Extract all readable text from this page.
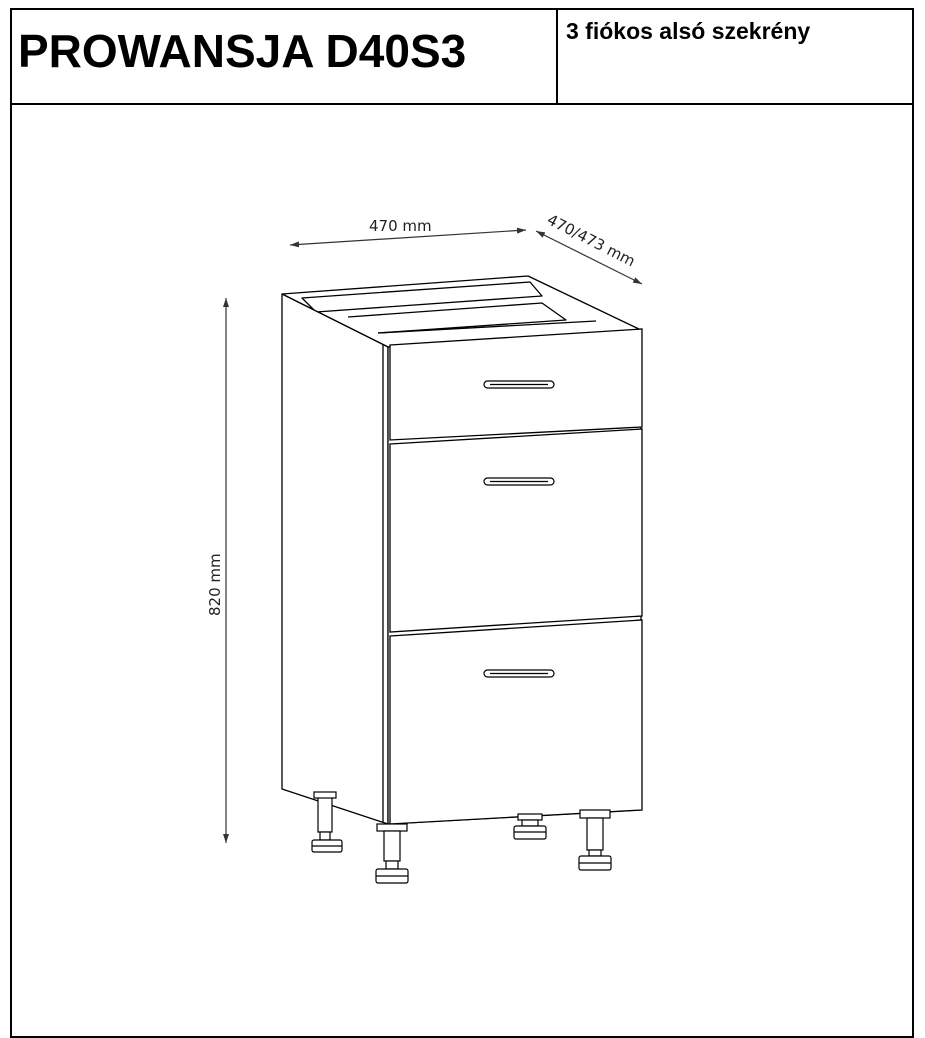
PROWANSJA D40S3	3 fiókos alsó szekrény
470 mm	470/473 mm
820 mm
